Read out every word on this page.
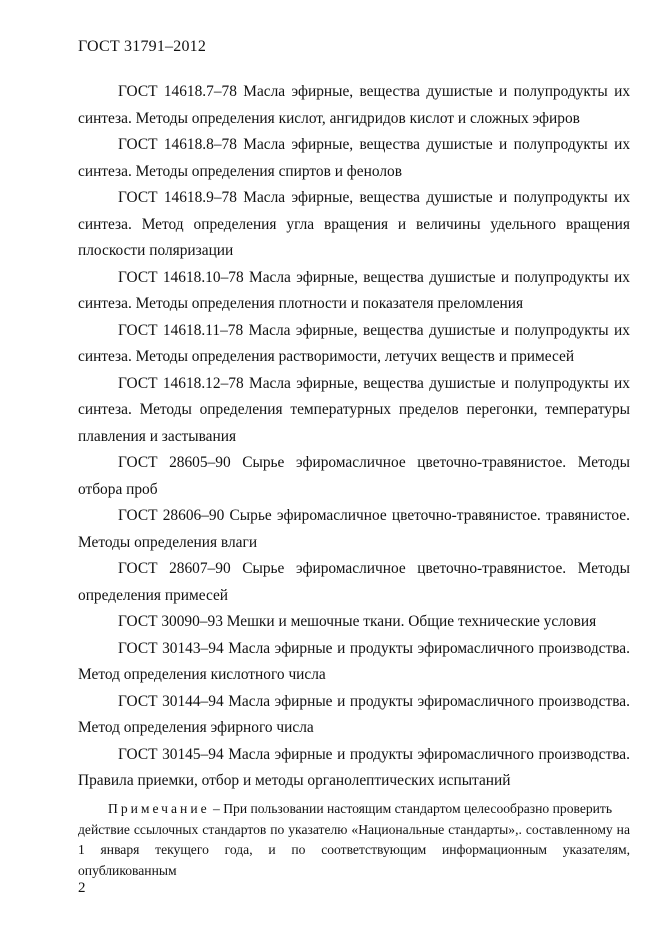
ГОСТ 31791–2012

ГОСТ 14618.7–78 Масла эфирные, вещества душистые и полупродукты их синтеза. Методы определения кислот, ангидридов кислот и сложных эфиров

ГОСТ 14618.8–78 Масла эфирные, вещества душистые и полупродукты их синтеза. Методы определения спиртов и фенолов

ГОСТ 14618.9–78 Масла эфирные, вещества душистые и полупродукты их синтеза. Метод определения угла вращения и величины удельного вращения плоскости поляризации

ГОСТ 14618.10–78 Масла эфирные, вещества душистые и полупродукты их синтеза. Методы определения плотности и показателя преломления

ГОСТ 14618.11–78 Масла эфирные, вещества душистые и полупродукты их синтеза. Методы определения растворимости, летучих веществ и примесей

ГОСТ 14618.12–78 Масла эфирные, вещества душистые и полупродукты их синтеза. Методы определения температурных пределов перегонки, температуры плавления и застывания

ГОСТ 28605–90 Сырье эфиромасличное цветочно-травянистое. Методы отбора проб

ГОСТ 28606–90 Сырье эфиромасличное цветочно-травянистое. травянистое. Методы определения влаги

ГОСТ 28607–90 Сырье эфиромасличное цветочно-травянистое. Методы определения примесей

ГОСТ 30090–93 Мешки и мешочные ткани. Общие технические условия

ГОСТ 30143–94 Масла эфирные и продукты эфиромасличного производства. Метод определения кислотного числа

ГОСТ 30144–94 Масла эфирные и продукты эфиромасличного производства. Метод определения эфирного числа

ГОСТ 30145–94 Масла эфирные и продукты эфиромасличного производства. Правила приемки, отбор и методы органолептических испытаний

Примечание – При пользовании настоящим стандартом целесообразно проверить
действие ссылочных стандартов по указателю «Национальные стандарты»,. составленному на 1 января текущего года, и по соответствующим информационным указателям, опубликованным
2
